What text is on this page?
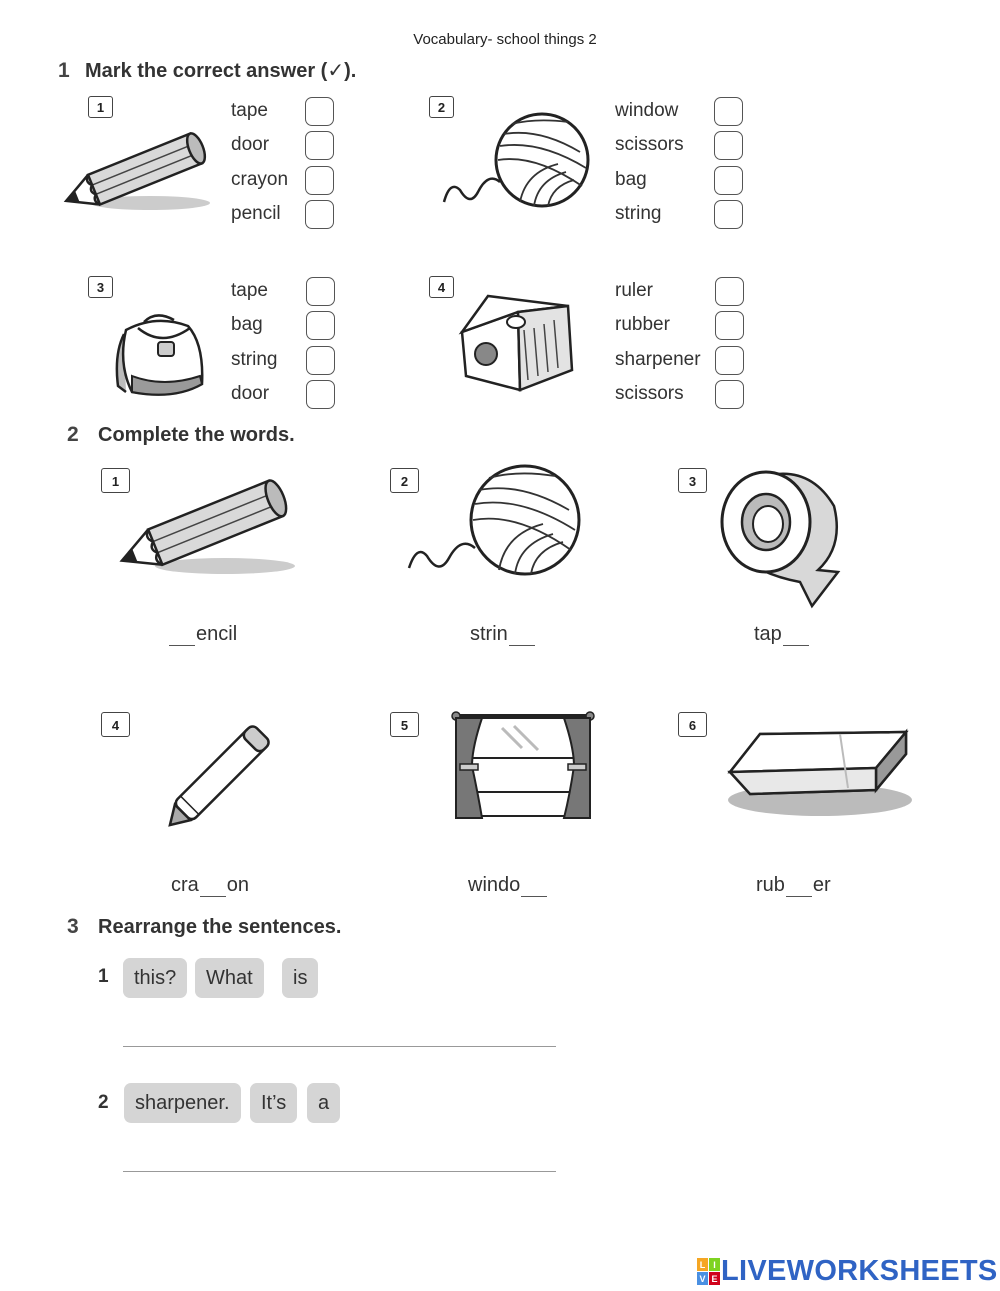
Vocabulary- school things 2
1 Mark the correct answer (✓).
1	tape
door
crayon
pencil
2	window
scissors
bag
string
3	tape
bag
string
door
4	ruler
rubber
sharpener
scissors
2 Complete the words.
1
encil
2
strin
3
tap
4
cra on
5
windo
6
rub er
3 Rearrange the sentences.
1	this?	What	is
2	sharpener.	It’s	a
L I
V E LIVEWORKSHEETS
